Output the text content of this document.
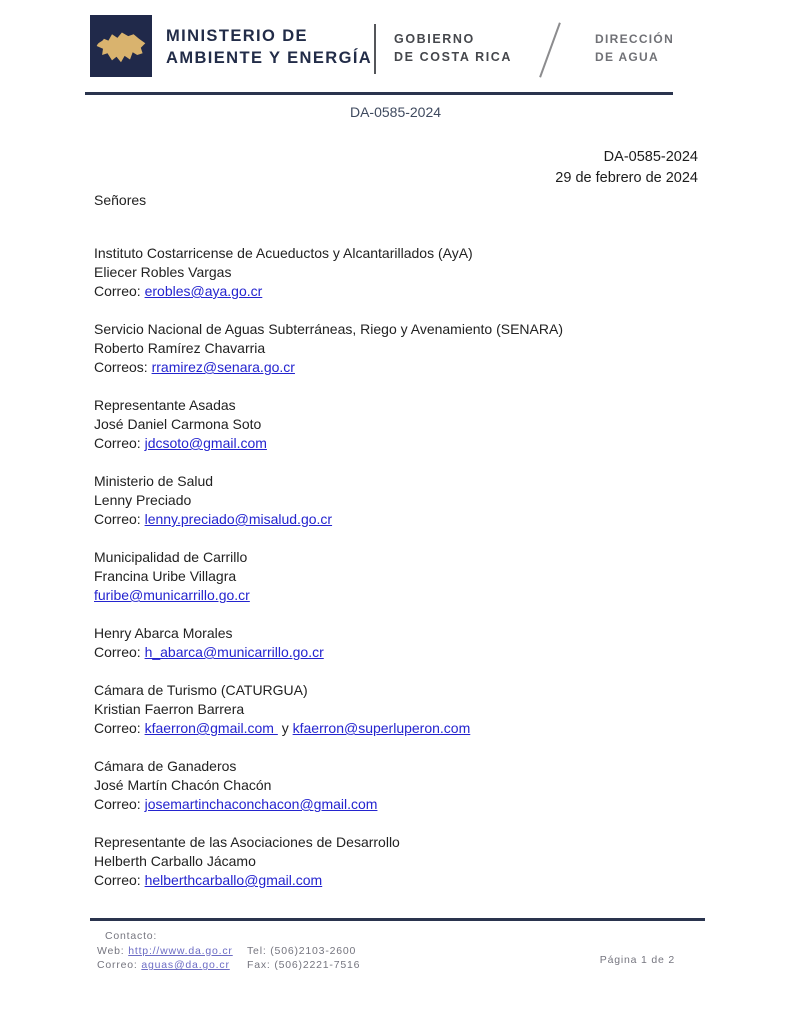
MINISTERIO DE
AMBIENTE Y ENERGÍA
GOBIERNO
DE COSTA RICA
DIRECCIÓN
DE AGUA
DA-0585-2024
DA-0585-2024
29 de febrero de 2024
Señores
Instituto Costarricense de Acueductos y Alcantarillados (AyA)
Eliecer Robles Vargas
Correo: erobles@aya.go.cr
Servicio Nacional de Aguas Subterráneas, Riego y Avenamiento (SENARA)
Roberto Ramírez Chavarria
Correos: rramirez@senara.go.cr
Representante Asadas
José Daniel Carmona Soto
Correo: jdcsoto@gmail.com
Ministerio de Salud
Lenny Preciado
Correo: lenny.preciado@misalud.go.cr
Municipalidad de Carrillo
Francina Uribe Villagra
furibe@municarrillo.go.cr
Henry Abarca Morales
Correo: h_abarca@municarrillo.go.cr
Cámara de Turismo (CATURGUA)
Kristian Faerron Barrera
Correo: kfaerron@gmail.com  y kfaerron@superluperon.com
Cámara de Ganaderos
José Martín Chacón Chacón
Correo: josemartinchaconchacon@gmail.com
Representante de las Asociaciones de Desarrollo
Helberth Carballo Jácamo
Correo: helberthcarballo@gmail.com
Contacto:
Web: http://www.da.go.cr	Tel: (506)2103-2600
Correo: aguas@da.go.cr	Fax: (506)2221-7516	Página 1 de 2
